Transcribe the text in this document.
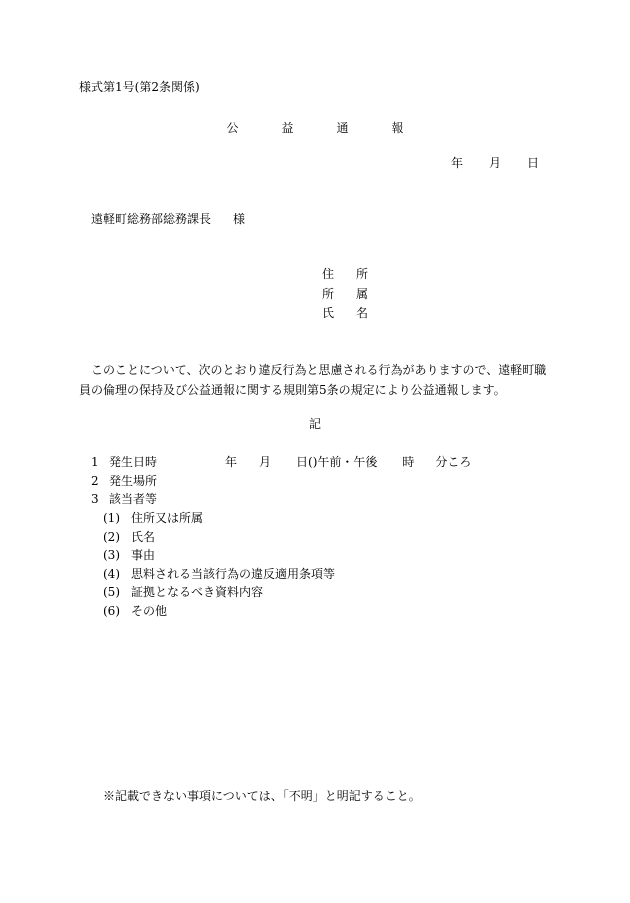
様式第1号(第2条関係)
公	益	通	報
年 月 日
遠軽町総務部総務課長 様
住 所
所 属
氏 名
このことについて、次のとおり違反行為と思慮される行為がありますので、遠軽町職員の倫理の保持及び公益通報に関する規則第5条の規定により公益通報します。
記
1 発生日時	年 月 日()午前・午後 時 分ころ
2 発生場所
3 該当者等
(1) 住所又は所属
(2) 氏名
(3) 事由
(4) 思料される当該行為の違反適用条項等
(5) 証拠となるべき資料内容
(6) その他
※記載できない事項については、「不明」と明記すること。
